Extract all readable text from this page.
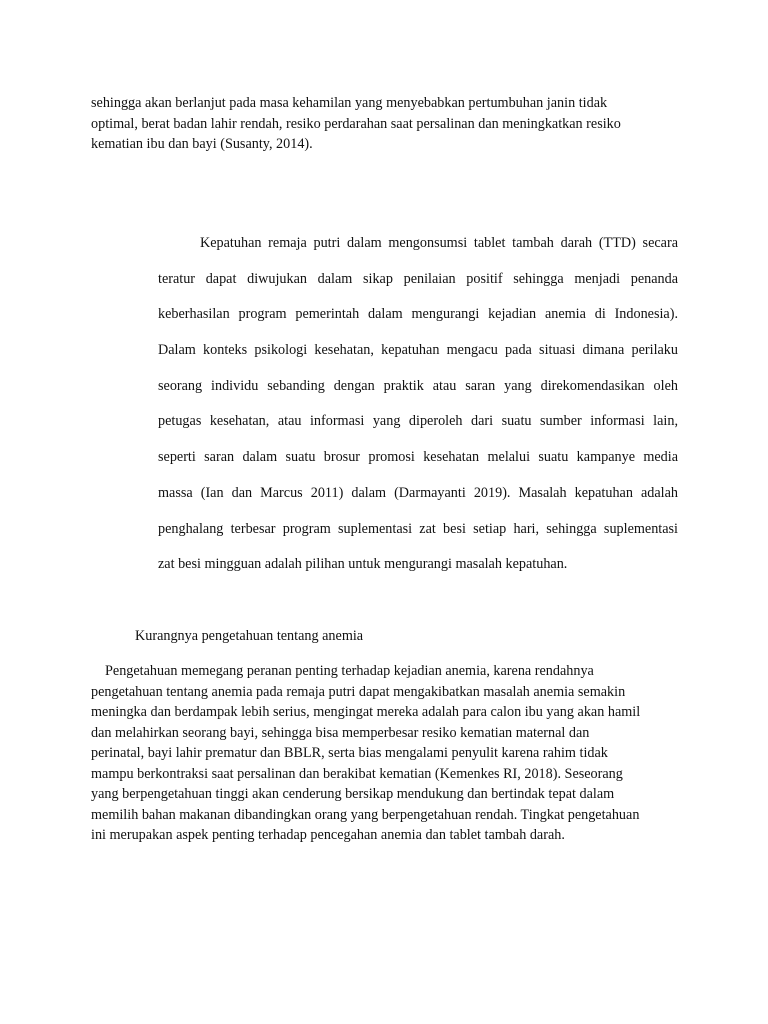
sehingga akan berlanjut pada masa kehamilan yang menyebabkan pertumbuhan janin tidak
optimal, berat badan lahir rendah, resiko perdarahan saat persalinan dan meningkatkan resiko
kematian ibu dan bayi (Susanty, 2014).
Kepatuhan remaja putri dalam mengonsumsi tablet tambah darah (TTD) secara
teratur dapat diwujukan dalam sikap penilaian positif sehingga menjadi penanda
keberhasilan program pemerintah dalam mengurangi kejadian anemia di Indonesia).
Dalam konteks psikologi kesehatan, kepatuhan mengacu pada situasi dimana perilaku
seorang individu sebanding dengan praktik atau saran yang direkomendasikan oleh
petugas kesehatan, atau informasi yang diperoleh dari suatu sumber informasi lain,
seperti saran dalam suatu brosur promosi kesehatan melalui suatu kampanye media
massa (Ian dan Marcus 2011) dalam (Darmayanti 2019). Masalah kepatuhan adalah
penghalang terbesar program suplementasi zat besi setiap hari, sehingga suplementasi
zat besi mingguan adalah pilihan untuk mengurangi masalah kepatuhan.
Kurangnya pengetahuan tentang anemia
Pengetahuan memegang peranan penting terhadap kejadian anemia, karena rendahnya
pengetahuan tentang anemia pada remaja putri dapat mengakibatkan masalah anemia semakin
meningka dan berdampak lebih serius, mengingat mereka adalah para calon ibu yang akan hamil
dan melahirkan seorang bayi, sehingga bisa memperbesar resiko kematian maternal dan
perinatal, bayi lahir prematur dan BBLR, serta bias mengalami penyulit karena rahim tidak
mampu berkontraksi saat persalinan dan berakibat kematian (Kemenkes RI, 2018). Seseorang
yang berpengetahuan tinggi akan cenderung bersikap mendukung dan bertindak tepat dalam
memilih bahan makanan dibandingkan orang yang berpengetahuan rendah. Tingkat pengetahuan
ini merupakan aspek penting terhadap pencegahan anemia dan tablet tambah darah.
